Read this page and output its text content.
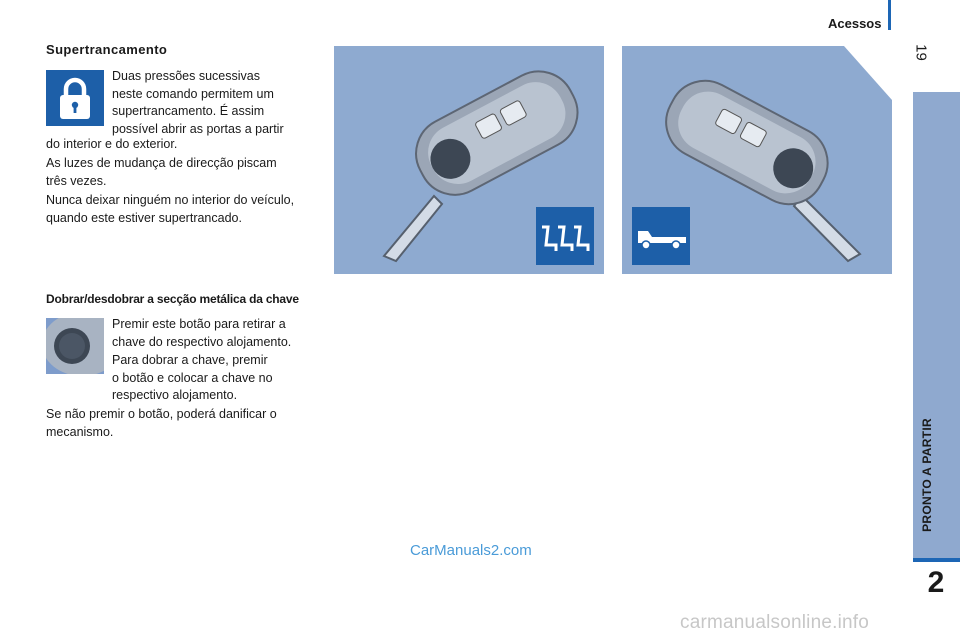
Acessos
19
PRONTO A PARTIR
2
Supertrancamento

Duas pressões sucessivas

neste comando permitem um

supertrancamento. É assim

possível abrir as portas a partir

do interior e do exterior.

As luzes de mudança de direcção piscam

três vezes.

Nunca deixar ninguém no interior do veículo,

quando este estiver supertrancado.

Dobrar/desdobrar a secção metálica da chave

Premir este botão para retirar a

chave do respectivo alojamento.

Para dobrar a chave, premir

o botão e colocar a chave no

respectivo alojamento.

Se não premir o botão, poderá danificar o

mecanismo.

CarManuals2.com
carmanualsonline.info
